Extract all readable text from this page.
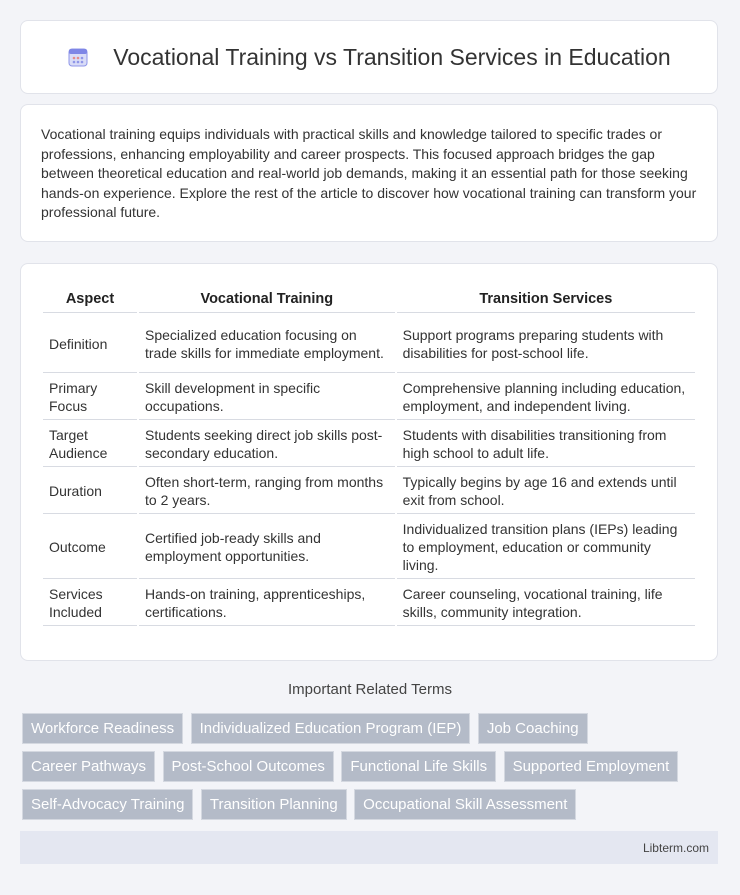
Vocational Training vs Transition Services in Education

Vocational training equips individuals with practical skills and knowledge tailored to specific trades or professions, enhancing employability and career prospects. This focused approach bridges the gap between theoretical education and real-world job demands, making it an essential path for those seeking hands-on experience. Explore the rest of the article to discover how vocational training can transform your professional future.

Aspect	Vocational Training	Transition Services
Definition	Specialized education focusing on trade skills for immediate employment.	Support programs preparing students with disabilities for post-school life.
Primary Focus	Skill development in specific occupations.	Comprehensive planning including education, employment, and independent living.
Target Audience	Students seeking direct job skills post-secondary education.	Students with disabilities transitioning from high school to adult life.
Duration	Often short-term, ranging from months to 2 years.	Typically begins by age 16 and extends until exit from school.
Outcome	Certified job-ready skills and employment opportunities.	Individualized transition plans (IEPs) leading to employment, education or community living.
Services Included	Hands-on training, apprenticeships, certifications.	Career counseling, vocational training, life skills, community integration.
Important Related Terms
Workforce Readiness Individualized Education Program (IEP) Job Coaching Career Pathways Post-School Outcomes Functional Life Skills Supported Employment Self-Advocacy Training Transition Planning Occupational Skill Assessment
Libterm.com
